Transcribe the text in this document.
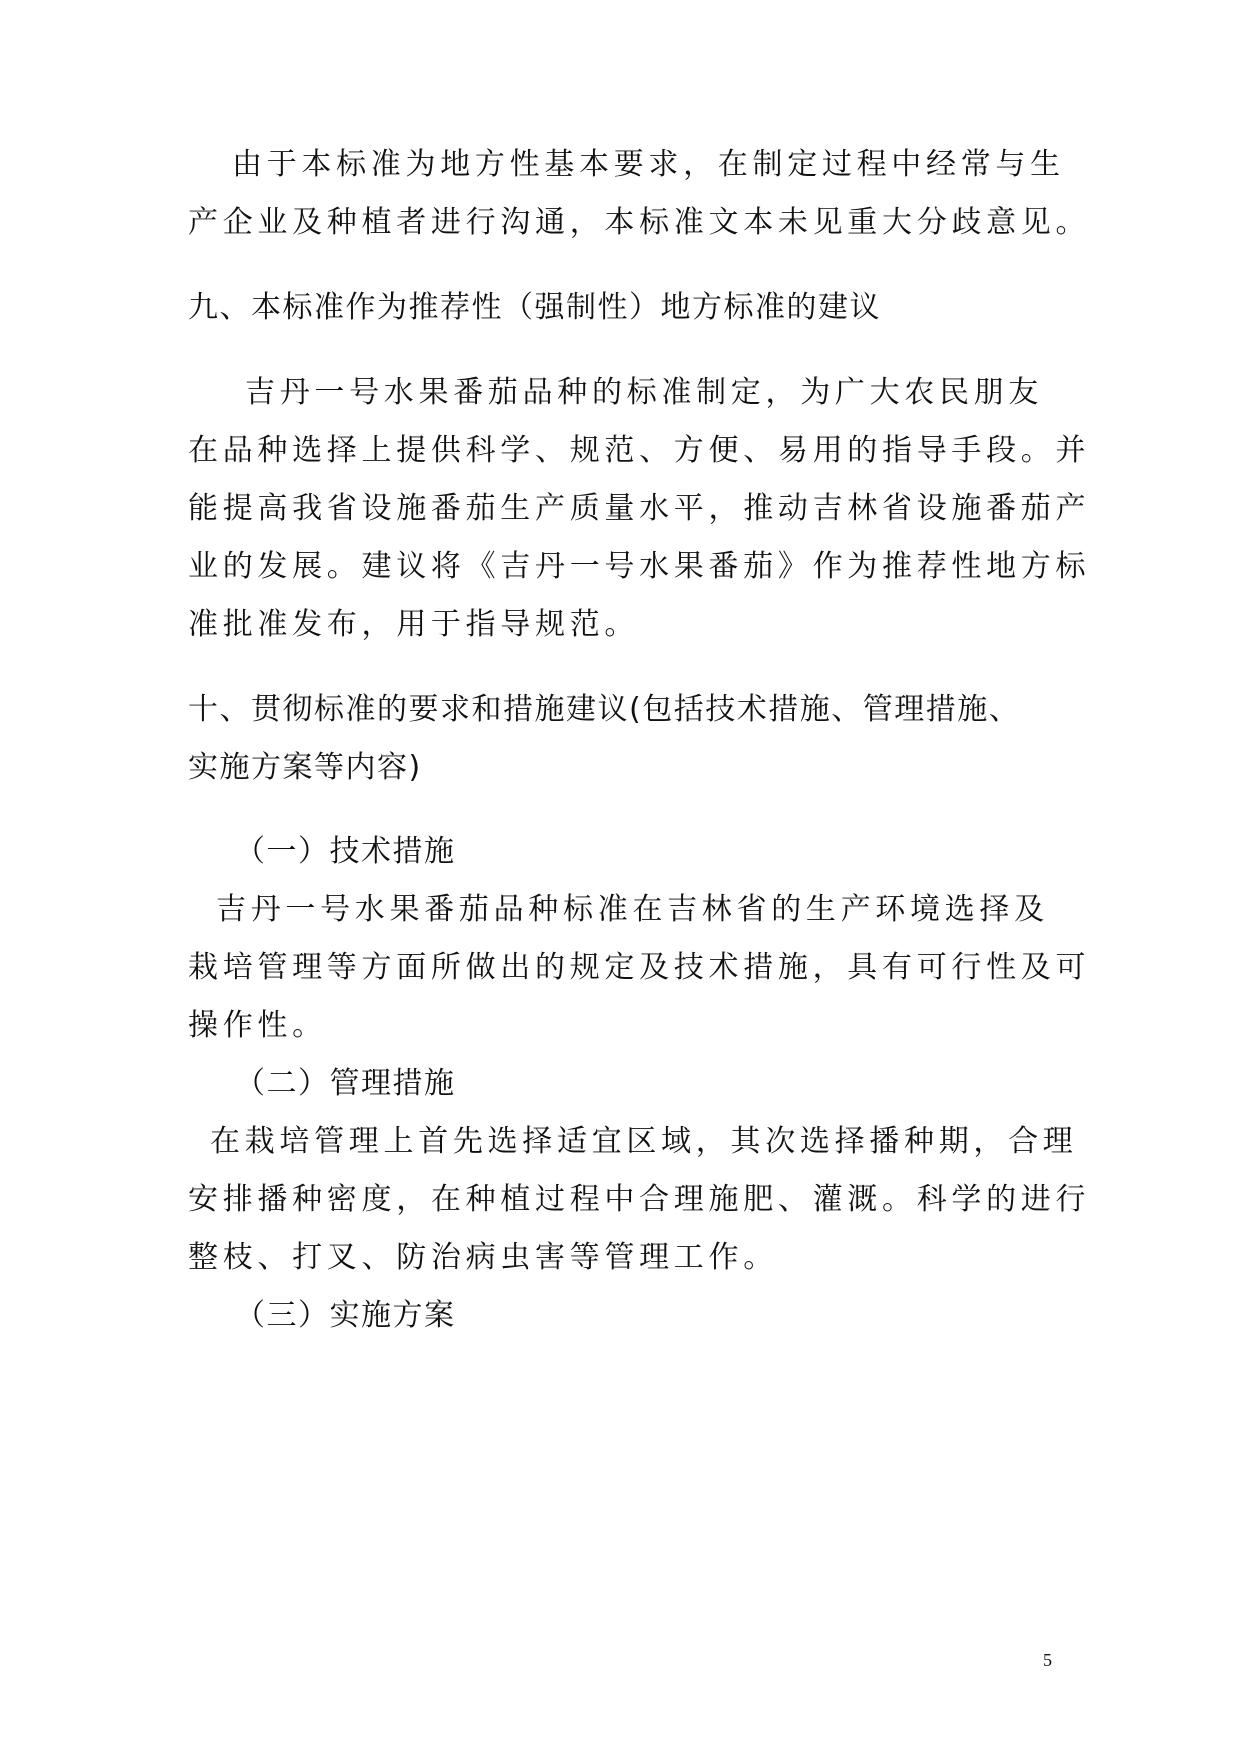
由于本标准为地方性基本要求，在制定过程中经常与生
产企业及种植者进行沟通，本标准文本未见重大分歧意见。
九、本标准作为推荐性（强制性）地方标准的建议
吉丹一号水果番茄品种的标准制定，为广大农民朋友
在品种选择上提供科学、规范、方便、易用的指导手段。并
能提高我省设施番茄生产质量水平，推动吉林省设施番茄产
业的发展。建议将《吉丹一号水果番茄》作为推荐性地方标
准批准发布，用于指导规范。
十、贯彻标准的要求和措施建议(包括技术措施、管理措施、
实施方案等内容)
（一）技术措施
吉丹一号水果番茄品种标准在吉林省的生产环境选择及
栽培管理等方面所做出的规定及技术措施，具有可行性及可
操作性。
（二）管理措施
在栽培管理上首先选择适宜区域，其次选择播种期，合理
安排播种密度，在种植过程中合理施肥、灌溉。科学的进行
整枝、打叉、防治病虫害等管理工作。
（三）实施方案
5
